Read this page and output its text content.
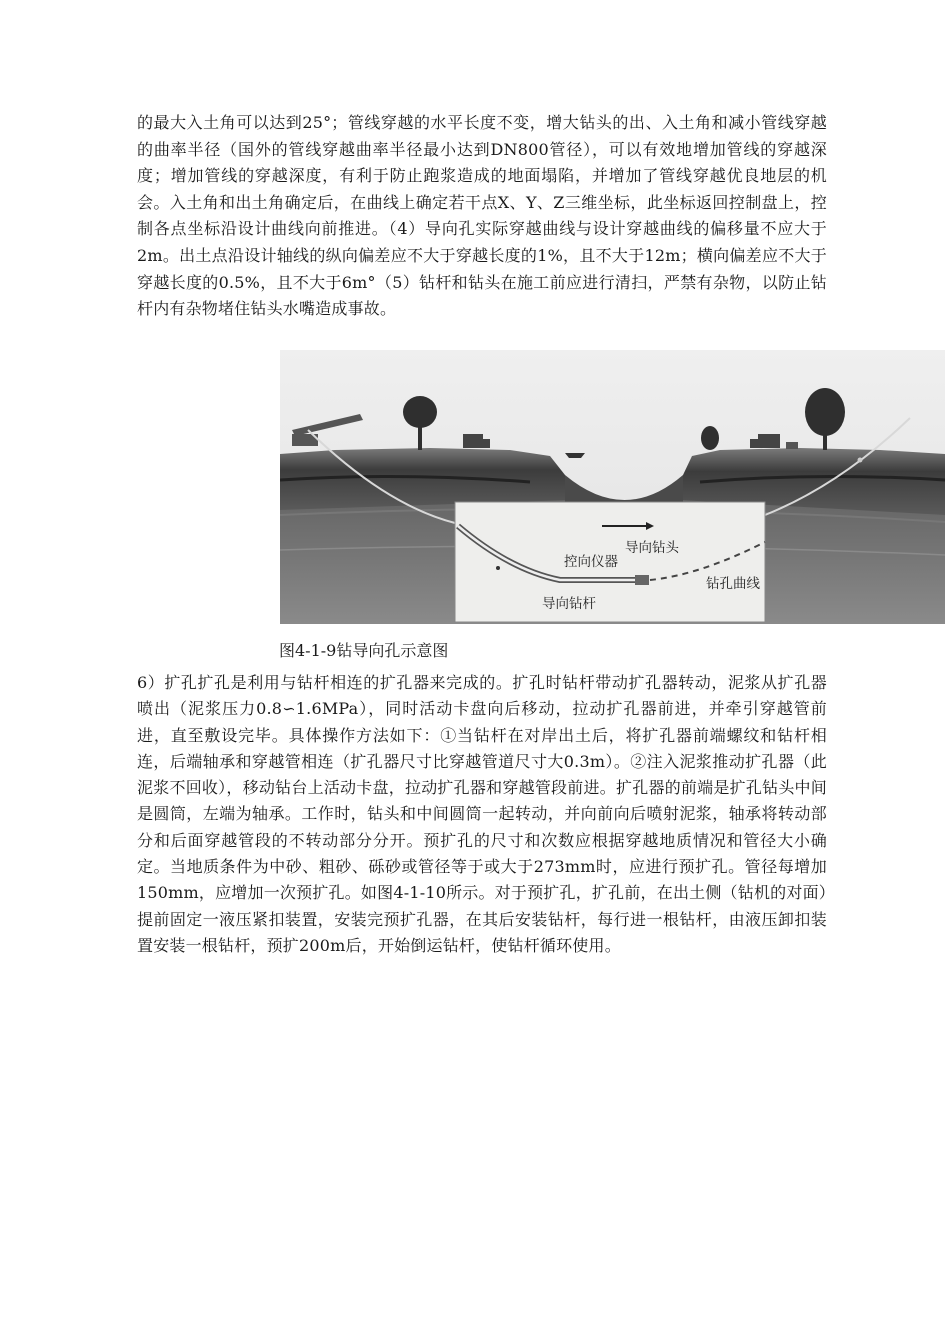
的最大入土角可以达到25°；管线穿越的水平长度不变，增大钻头的出、入土角和减小管线穿越的曲率半径（国外的管线穿越曲率半径最小达到DN800管径），可以有效地增加管线的穿越深度；增加管线的穿越深度，有利于防止跑浆造成的地面塌陷，并增加了管线穿越优良地层的机会。入土角和出土角确定后，在曲线上确定若干点X、Y、Z三维坐标，此坐标返回控制盘上，控制各点坐标沿设计曲线向前推进。（4）导向孔实际穿越曲线与设计穿越曲线的偏移量不应大于2m。出土点沿设计轴线的纵向偏差应不大于穿越长度的1%，且不大于12m；横向偏差应不大于穿越长度的0.5%，且不大于6m°（5）钻杆和钻头在施工前应进行清扫，严禁有杂物，以防止钻杆内有杂物堵住钻头水嘴造成事故。

控向仪器
导向钻头
钻孔曲线
导向钻杆
图4-1-9钻导向孔示意图

6）扩孔扩孔是利用与钻杆相连的扩孔器来完成的。扩孔时钻杆带动扩孔器转动，泥浆从扩孔器喷出（泥浆压力0.8∽1.6MPa），同时活动卡盘向后移动，拉动扩孔器前进，并牵引穿越管前进，直至敷设完毕。具体操作方法如下：①当钻杆在对岸出土后，将扩孔器前端螺纹和钻杆相连，后端轴承和穿越管相连（扩孔器尺寸比穿越管道尺寸大0.3m）。②注入泥浆推动扩孔器（此泥浆不回收），移动钻台上活动卡盘，拉动扩孔器和穿越管段前进。扩孔器的前端是扩孔钻头中间是圆筒，左端为轴承。工作时，钻头和中间圆筒一起转动，并向前向后喷射泥浆，轴承将转动部分和后面穿越管段的不转动部分分开。预扩孔的尺寸和次数应根据穿越地质情况和管径大小确定。当地质条件为中砂、粗砂、砾砂或管径等于或大于273mm时，应进行预扩孔。管径每增加150mm，应增加一次预扩孔。如图4-1-10所示。对于预扩孔，扩孔前，在出土侧（钻机的对面）提前固定一液压紧扣装置，安装完预扩孔器，在其后安装钻杆，每行进一根钻杆，由液压卸扣装置安装一根钻杆，预扩200m后，开始倒运钻杆，使钻杆循环使用。
